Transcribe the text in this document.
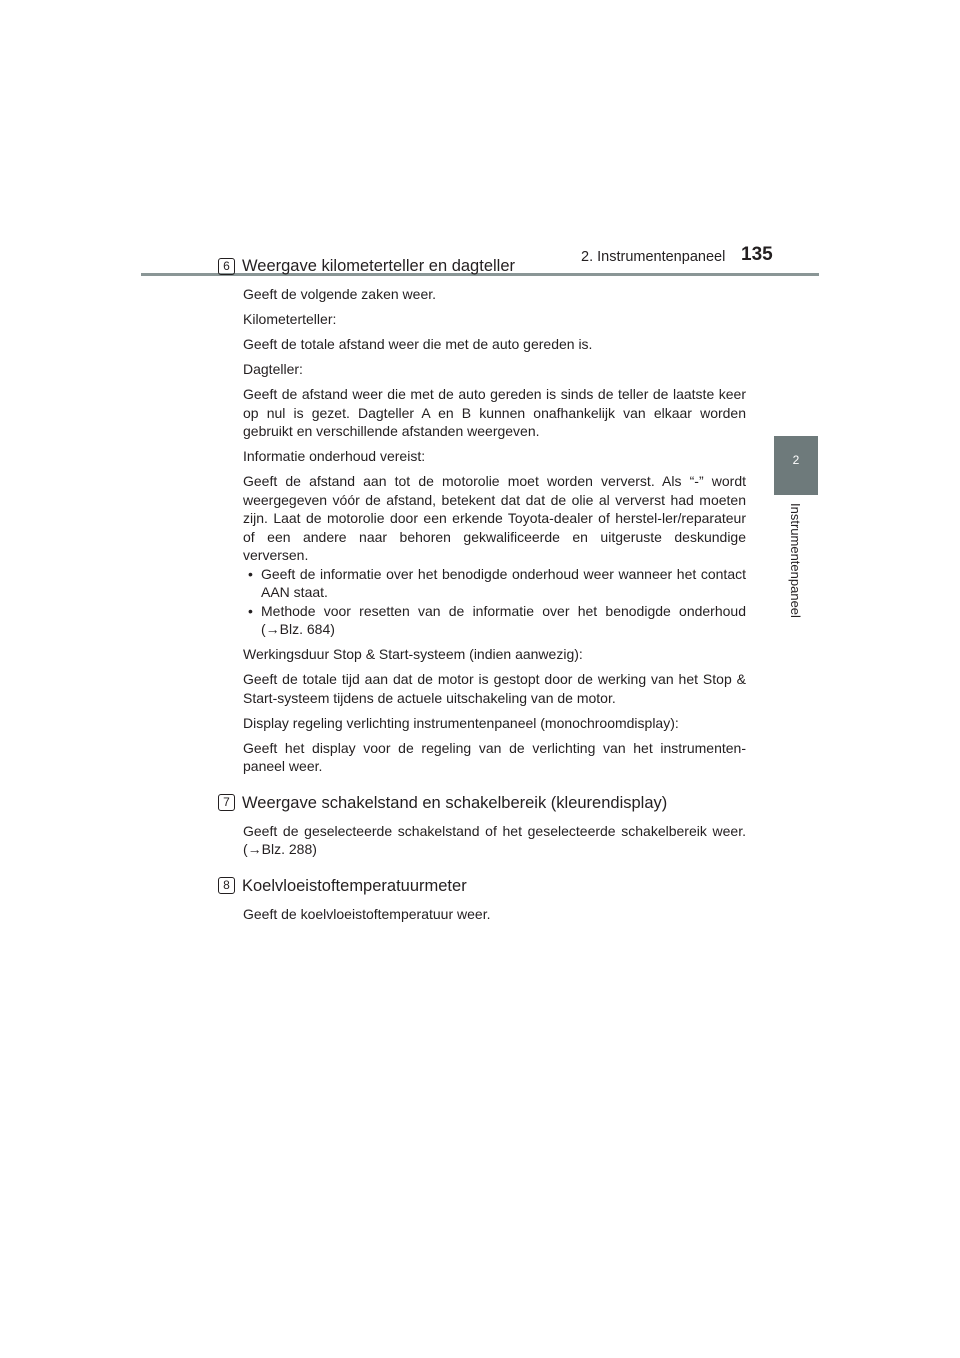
2. Instrumentenpaneel 135
2
Instrumentenpaneel
6 Weergave kilometerteller en dagteller

Geeft de volgende zaken weer.

Kilometerteller:

Geeft de totale afstand weer die met de auto gereden is.

Dagteller:

Geeft de afstand weer die met de auto gereden is sinds de teller de laatste keer op nul is gezet. Dagteller A en B kunnen onafhankelijk van elkaar worden gebruikt en verschillende afstanden weergeven.

Informatie onderhoud vereist:

Geeft de afstand aan tot de motorolie moet worden ververst. Als “-” wordt weergegeven vóór de afstand, betekent dat dat de olie al ververst had moeten zijn. Laat de motorolie door een erkende Toyota-dealer of herstel-ler/reparateur of een andere naar behoren gekwalificeerde en uitgeruste deskundige verversen.

• Geeft de informatie over het benodigde onderhoud weer wanneer het contact AAN staat.
• Methode voor resetten van de informatie over het benodigde onderhoud (→Blz. 684)

Werkingsduur Stop & Start-systeem (indien aanwezig):

Geeft de totale tijd aan dat de motor is gestopt door de werking van het Stop & Start-systeem tijdens de actuele uitschakeling van de motor.

Display regeling verlichting instrumentenpaneel (monochroomdisplay):

Geeft het display voor de regeling van de verlichting van het instrumenten-paneel weer.

7 Weergave schakelstand en schakelbereik (kleurendisplay)

Geeft de geselecteerde schakelstand of het geselecteerde schakelbereik weer. (→Blz. 288)

8 Koelvloeistoftemperatuurmeter

Geeft de koelvloeistoftemperatuur weer.
